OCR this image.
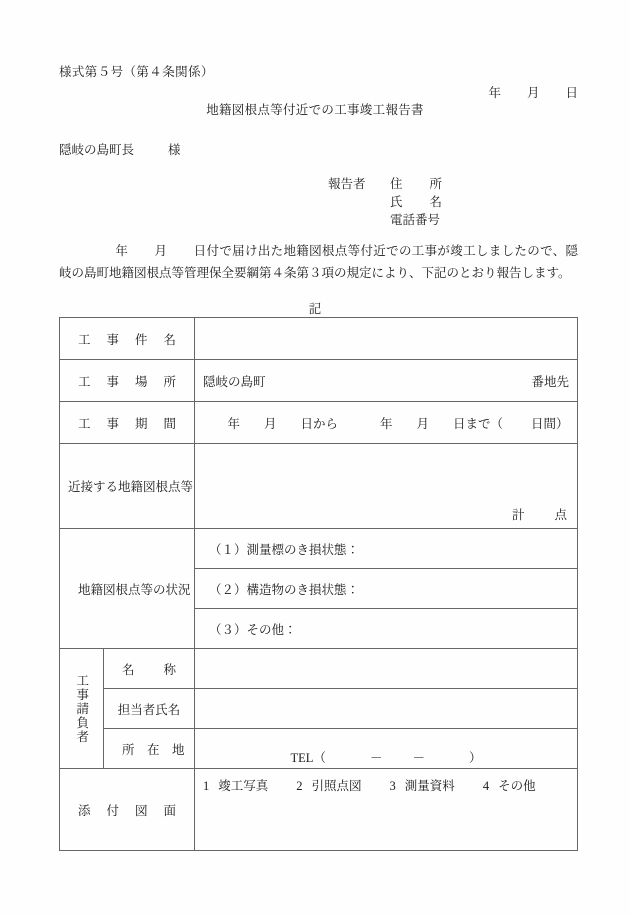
様式第５号（第４条関係）
年 月 日
地籍図根点等付近での工事竣工報告書
隠岐の島町長	様
報告者 住　所
氏　名
電話番号
年 月 日付で届け出た地籍図根点等付近での工事が竣工しましたので、隠岐の島町地籍図根点等管理保全要綱第４条第３項の規定により、下記のとおり報告します。
記
工事件名		
工事場所		隠岐の島町 番地先

工事期間		年 月 日から 年 月 日まで（ 日間）
近接する地籍図根点等		計 点

地籍図根点等の状況		（１）測量標のき損状態：
		（２）構造物のき損状態：
		（３）その他：

工事請負者	名　称	
	担当者氏名	
	所　在　地	TEL（ － － ）

添付図面		1 竣工写真 2 引照点図 3 測量資料 4 その他
